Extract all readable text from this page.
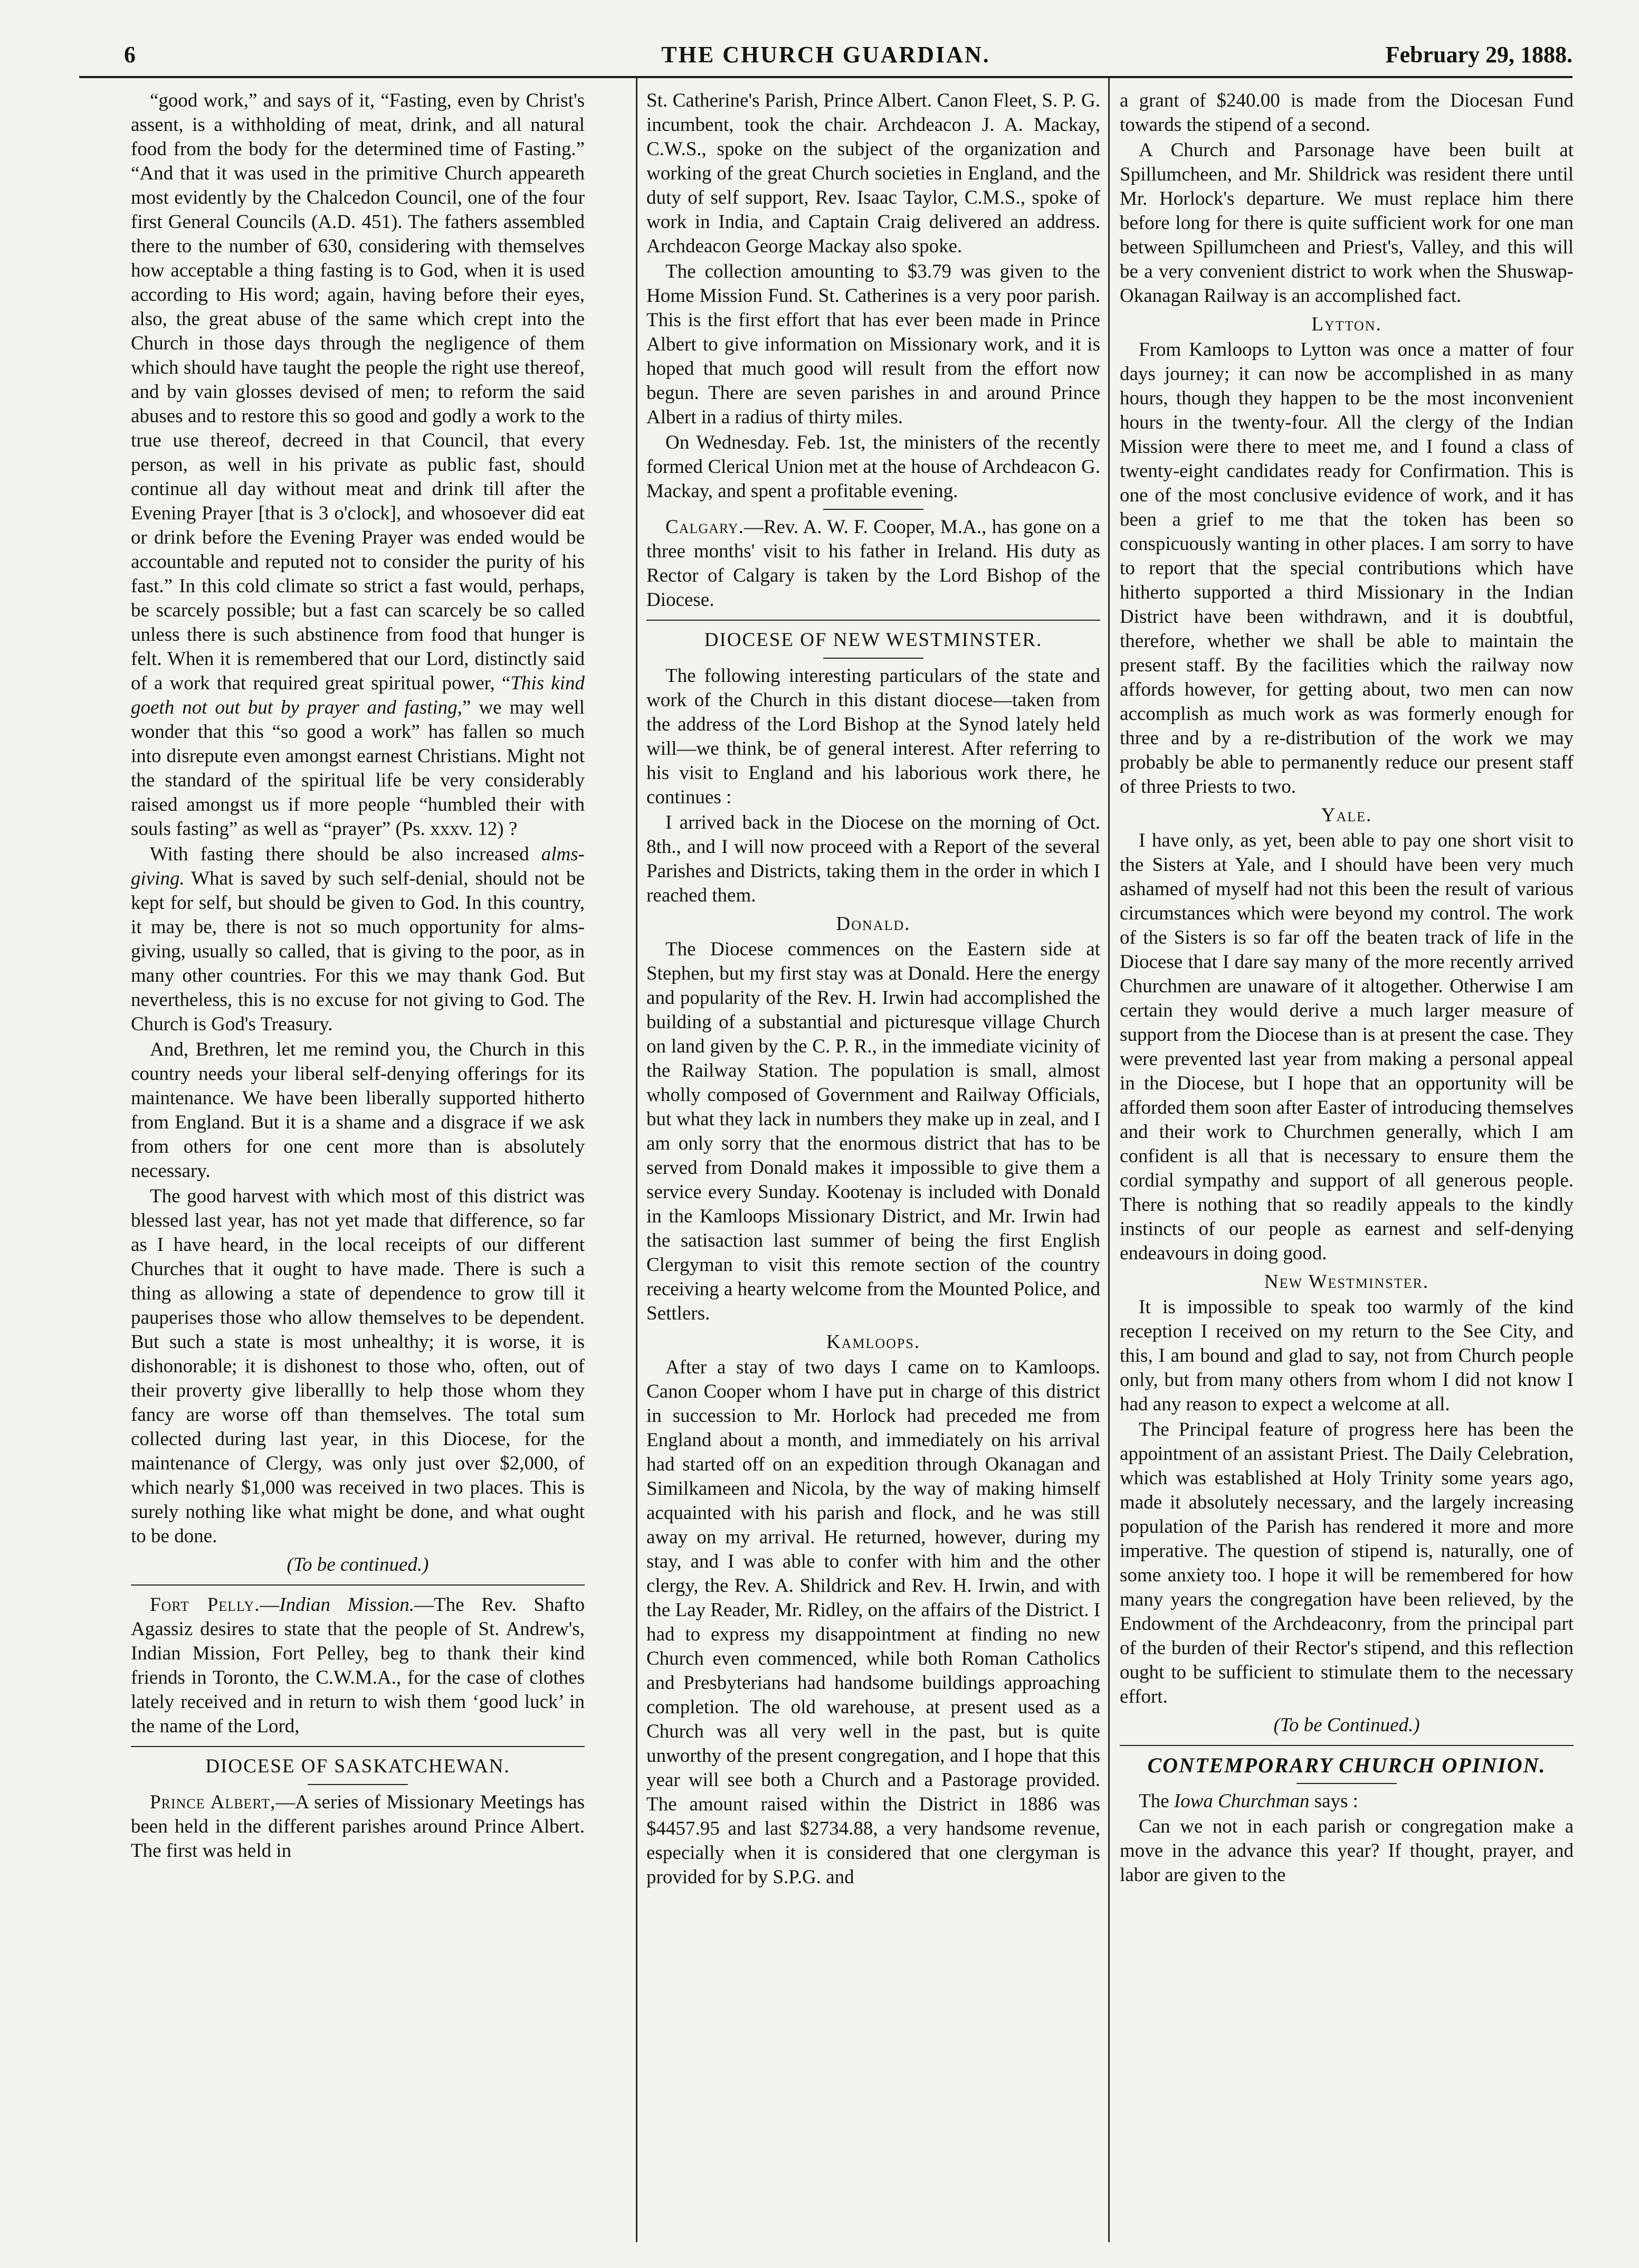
6	THE CHURCH GUARDIAN.	February 29, 1888.

“good work,” and says of it, “Fasting, even by Christ's assent, is a withholding of meat, drink, and all natural food from the body for the determined time of Fasting.” “And that it was used in the primitive Church appeareth most evidently by the Chalcedon Council, one of the four first General Councils (A.D. 451). The fathers assembled there to the number of 630, considering with themselves how acceptable a thing fasting is to God, when it is used according to His word; again, having before their eyes, also, the great abuse of the same which crept into the Church in those days through the negligence of them which should have taught the people the right use thereof, and by vain glosses devised of men; to reform the said abuses and to restore this so good and godly a work to the true use thereof, decreed in that Council, that every person, as well in his private as public fast, should continue all day without meat and drink till after the Evening Prayer [that is 3 o'clock], and whosoever did eat or drink before the Evening Prayer was ended would be accountable and reputed not to consider the purity of his fast.” In this cold climate so strict a fast would, perhaps, be scarcely possible; but a fast can scarcely be so called unless there is such abstinence from food that hunger is felt. When it is remembered that our Lord, distinctly said of a work that required great spiritual power, “This kind goeth not out but by prayer and fasting,” we may well wonder that this “so good a work” has fallen so much into disrepute even amongst earnest Christians. Might not the standard of the spiritual life be very considerably raised amongst us if more people “humbled their with souls fasting” as well as “prayer” (Ps. xxxv. 12) ?

With fasting there should be also increased alms-giving. What is saved by such self-denial, should not be kept for self, but should be given to God. In this country, it may be, there is not so much opportunity for alms-giving, usually so called, that is giving to the poor, as in many other countries. For this we may thank God. But nevertheless, this is no excuse for not giving to God. The Church is God's Treasury.

And, Brethren, let me remind you, the Church in this country needs your liberal self-denying offerings for its maintenance. We have been liberally supported hitherto from England. But it is a shame and a disgrace if we ask from others for one cent more than is absolutely necessary.

The good harvest with which most of this district was blessed last year, has not yet made that difference, so far as I have heard, in the local receipts of our different Churches that it ought to have made. There is such a thing as allowing a state of dependence to grow till it pauperises those who allow themselves to be dependent. But such a state is most unhealthy; it is worse, it is dishonorable; it is dishonest to those who, often, out of their proverty give liberallly to help those whom they fancy are worse off than themselves. The total sum collected during last year, in this Diocese, for the maintenance of Clergy, was only just over $2,000, of which nearly $1,000 was received in two places. This is surely nothing like what might be done, and what ought to be done.

(To be continued.)

Fort Pelly.—Indian Mission.—The Rev. Shafto Agassiz desires to state that the people of St. Andrew's, Indian Mission, Fort Pelley, beg to thank their kind friends in Toronto, the C.W.M.A., for the case of clothes lately received and in return to wish them ‘good luck’ in the name of the Lord,

DIOCESE OF SASKATCHEWAN.

Prince Albert,—A series of Missionary Meetings has been held in the different parishes around Prince Albert. The first was held in

St. Catherine's Parish, Prince Albert. Canon Fleet, S. P. G. incumbent, took the chair. Archdeacon J. A. Mackay, C.W.S., spoke on the subject of the organization and working of the great Church societies in England, and the duty of self support, Rev. Isaac Taylor, C.M.S., spoke of work in India, and Captain Craig delivered an address. Archdeacon George Mackay also spoke.

The collection amounting to $3.79 was given to the Home Mission Fund. St. Catherines is a very poor parish. This is the first effort that has ever been made in Prince Albert to give information on Missionary work, and it is hoped that much good will result from the effort now begun. There are seven parishes in and around Prince Albert in a radius of thirty miles.

On Wednesday. Feb. 1st, the ministers of the recently formed Clerical Union met at the house of Archdeacon G. Mackay, and spent a profitable evening.

Calgary.—Rev. A. W. F. Cooper, M.A., has gone on a three months' visit to his father in Ireland. His duty as Rector of Calgary is taken by the Lord Bishop of the Diocese.

DIOCESE OF NEW WESTMINSTER.

The following interesting particulars of the state and work of the Church in this distant diocese—taken from the address of the Lord Bishop at the Synod lately held will—we think, be of general interest. After referring to his visit to England and his laborious work there, he continues :

I arrived back in the Diocese on the morning of Oct. 8th., and I will now proceed with a Report of the several Parishes and Districts, taking them in the order in which I reached them.

Donald.

The Diocese commences on the Eastern side at Stephen, but my first stay was at Donald. Here the energy and popularity of the Rev. H. Irwin had accomplished the building of a substantial and picturesque village Church on land given by the C. P. R., in the immediate vicinity of the Railway Station. The population is small, almost wholly composed of Government and Railway Officials, but what they lack in numbers they make up in zeal, and I am only sorry that the enormous district that has to be served from Donald makes it impossible to give them a service every Sunday. Kootenay is included with Donald in the Kamloops Missionary District, and Mr. Irwin had the satisaction last summer of being the first English Clergyman to visit this remote section of the country receiving a hearty welcome from the Mounted Police, and Settlers.

Kamloops.

After a stay of two days I came on to Kamloops. Canon Cooper whom I have put in charge of this district in succession to Mr. Horlock had preceded me from England about a month, and immediately on his arrival had started off on an expedition through Okanagan and Similkameen and Nicola, by the way of making himself acquainted with his parish and flock, and he was still away on my arrival. He returned, however, during my stay, and I was able to confer with him and the other clergy, the Rev. A. Shildrick and Rev. H. Irwin, and with the Lay Reader, Mr. Ridley, on the affairs of the District. I had to express my disappointment at finding no new Church even commenced, while both Roman Catholics and Presbyterians had handsome buildings approaching completion. The old warehouse, at present used as a Church was all very well in the past, but is quite unworthy of the present congregation, and I hope that this year will see both a Church and a Pastorage provided. The amount raised within the District in 1886 was $4457.95 and last $2734.88, a very handsome revenue, especially when it is considered that one clergyman is provided for by S.P.G. and

a grant of $240.00 is made from the Diocesan Fund towards the stipend of a second.

A Church and Parsonage have been built at Spillumcheen, and Mr. Shildrick was resident there until Mr. Horlock's departure. We must replace him there before long for there is quite sufficient work for one man between Spillumcheen and Priest's, Valley, and this will be a very convenient district to work when the Shuswap-Okanagan Railway is an accomplished fact.

Lytton.

From Kamloops to Lytton was once a matter of four days journey; it can now be accomplished in as many hours, though they happen to be the most inconvenient hours in the twenty-four. All the clergy of the Indian Mission were there to meet me, and I found a class of twenty-eight candidates ready for Confirmation. This is one of the most conclusive evidence of work, and it has been a grief to me that the token has been so conspicuously wanting in other places. I am sorry to have to report that the special contributions which have hitherto supported a third Missionary in the Indian District have been withdrawn, and it is doubtful, therefore, whether we shall be able to maintain the present staff. By the facilities which the railway now affords however, for getting about, two men can now accomplish as much work as was formerly enough for three and by a re-distribution of the work we may probably be able to permanently reduce our present staff of three Priests to two.

Yale.

I have only, as yet, been able to pay one short visit to the Sisters at Yale, and I should have been very much ashamed of myself had not this been the result of various circumstances which were beyond my control. The work of the Sisters is so far off the beaten track of life in the Diocese that I dare say many of the more recently arrived Churchmen are unaware of it altogether. Otherwise I am certain they would derive a much larger measure of support from the Diocese than is at present the case. They were prevented last year from making a personal appeal in the Diocese, but I hope that an opportunity will be afforded them soon after Easter of introducing themselves and their work to Churchmen generally, which I am confident is all that is necessary to ensure them the cordial sympathy and support of all generous people. There is nothing that so readily appeals to the kindly instincts of our people as earnest and self-denying endeavours in doing good.

New Westminster.

It is impossible to speak too warmly of the kind reception I received on my return to the See City, and this, I am bound and glad to say, not from Church people only, but from many others from whom I did not know I had any reason to expect a welcome at all.

The Principal feature of progress here has been the appointment of an assistant Priest. The Daily Celebration, which was established at Holy Trinity some years ago, made it absolutely necessary, and the largely increasing population of the Parish has rendered it more and more imperative. The question of stipend is, naturally, one of some anxiety too. I hope it will be remembered for how many years the congregation have been relieved, by the Endowment of the Archdeaconry, from the principal part of the burden of their Rector's stipend, and this reflection ought to be sufficient to stimulate them to the necessary effort.

(To be Continued.)

CONTEMPORARY CHURCH OPINION.

The Iowa Churchman says :

Can we not in each parish or congregation make a move in the advance this year? If thought, prayer, and labor are given to the
